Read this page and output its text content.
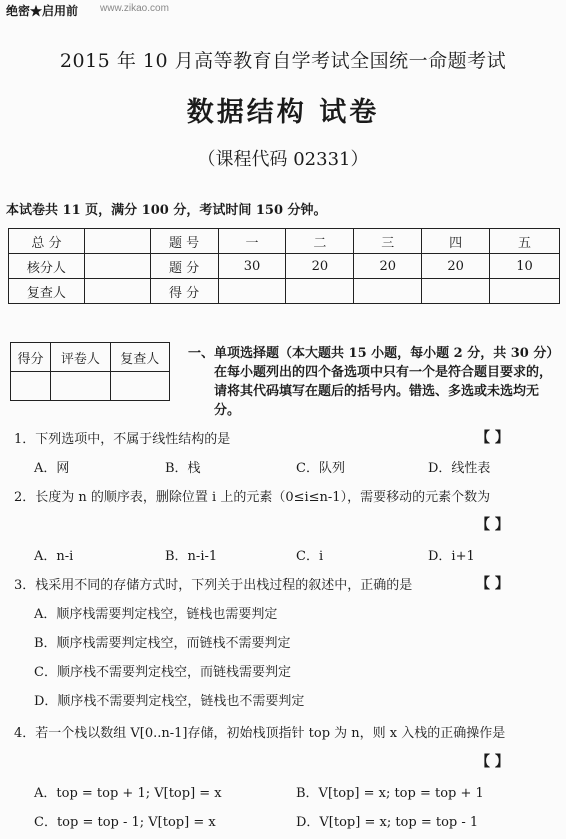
绝密★启用前 www.zikao.com
2015 年 10 月高等教育自学考试全国统一命题考试
数据结构 试卷
（课程代码 02331）
本试卷共 11 页，满分 100 分，考试时间 150 分钟。
总 分		题 号	一	二	三	四	五
核分人		题 分	30	20	20	20	10
复查人		得 分					
得分	评卷人	复查人
		一、单项选择题（本大题共 15 小题，每小题 2 分，共 30 分）
在每小题列出的四个备选项中只有一个是符合题目要求的，请将其代码填写在题后的括号内。错选、多选或未选均无分。
1．下列选项中，不属于线性结构的是	【 】
A．网	B．栈	C．队列	D．线性表
2．长度为 n 的顺序表，删除位置 i 上的元素（0≤i≤n-1），需要移动的元素个数为
【 】
A．n-i	B．n-i-1	C．i	D．i+1
3．栈采用不同的存储方式时，下列关于出栈过程的叙述中，正确的是	【 】
A．顺序栈需要判定栈空，链栈也需要判定
B．顺序栈需要判定栈空，而链栈不需要判定
C．顺序栈不需要判定栈空，而链栈需要判定
D．顺序栈不需要判定栈空，链栈也不需要判定
4．若一个栈以数组 V[0..n-1]存储，初始栈顶指针 top 为 n，则 x 入栈的正确操作是
【 】
A．top = top + 1; V[top] = x	B．V[top] = x; top = top + 1
C．top = top - 1; V[top] = x	D．V[top] = x; top = top - 1
